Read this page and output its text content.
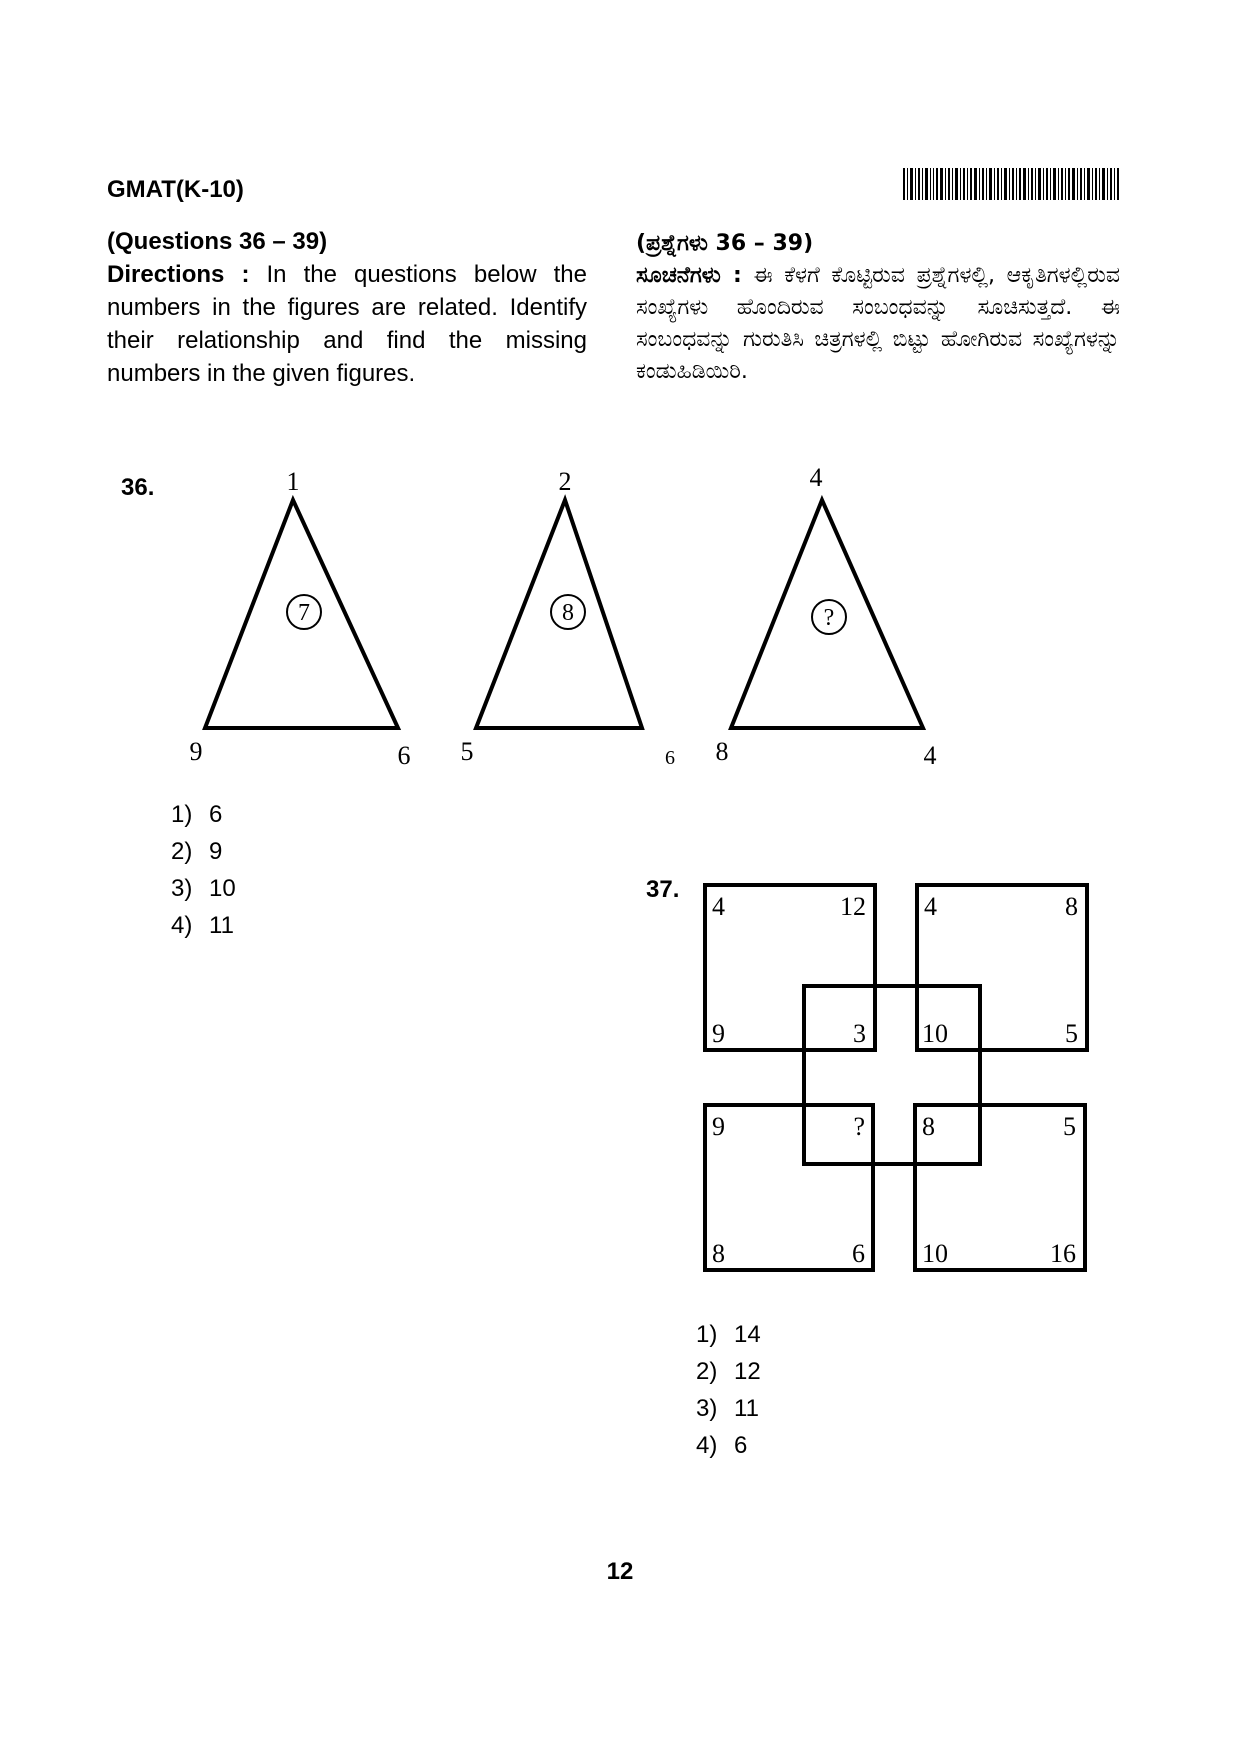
GMAT(K-10)
(Questions 36 – 39)
Directions : In the questions below the numbers in the figures are related. Identify their relationship and find the missing numbers in the given figures.
(ಪ್ರಶ್ನೆಗಳು 36 – 39)
ಸೂಚನೆಗಳು : ಈ ಕೆಳಗೆ ಕೊಟ್ಟಿರುವ ಪ್ರಶ್ನೆಗಳಲ್ಲಿ, ಆಕೃತಿಗಳಲ್ಲಿರುವ ಸಂಖ್ಯೆಗಳು ಹೊಂದಿರುವ ಸಂಬಂಧವನ್ನು ಸೂಚಿಸುತ್ತದೆ. ಈ ಸಂಬಂಧವನ್ನು ಗುರುತಿಸಿ ಚಿತ್ರಗಳಲ್ಲಿ ಬಿಟ್ಟು ಹೋಗಿರುವ ಸಂಖ್ಯೆಗಳನ್ನು ಕಂಡುಹಿಡಿಯಿರಿ.
36.
7
1
9	6
8
2
5	6
?
4
8	4
1) 6
2) 9
3) 10
4) 11
37.
4	12
9	3
4	8
10	5
9	?
8	6
8	5
10	16
1) 14
2) 12
3) 11
4) 6
12
